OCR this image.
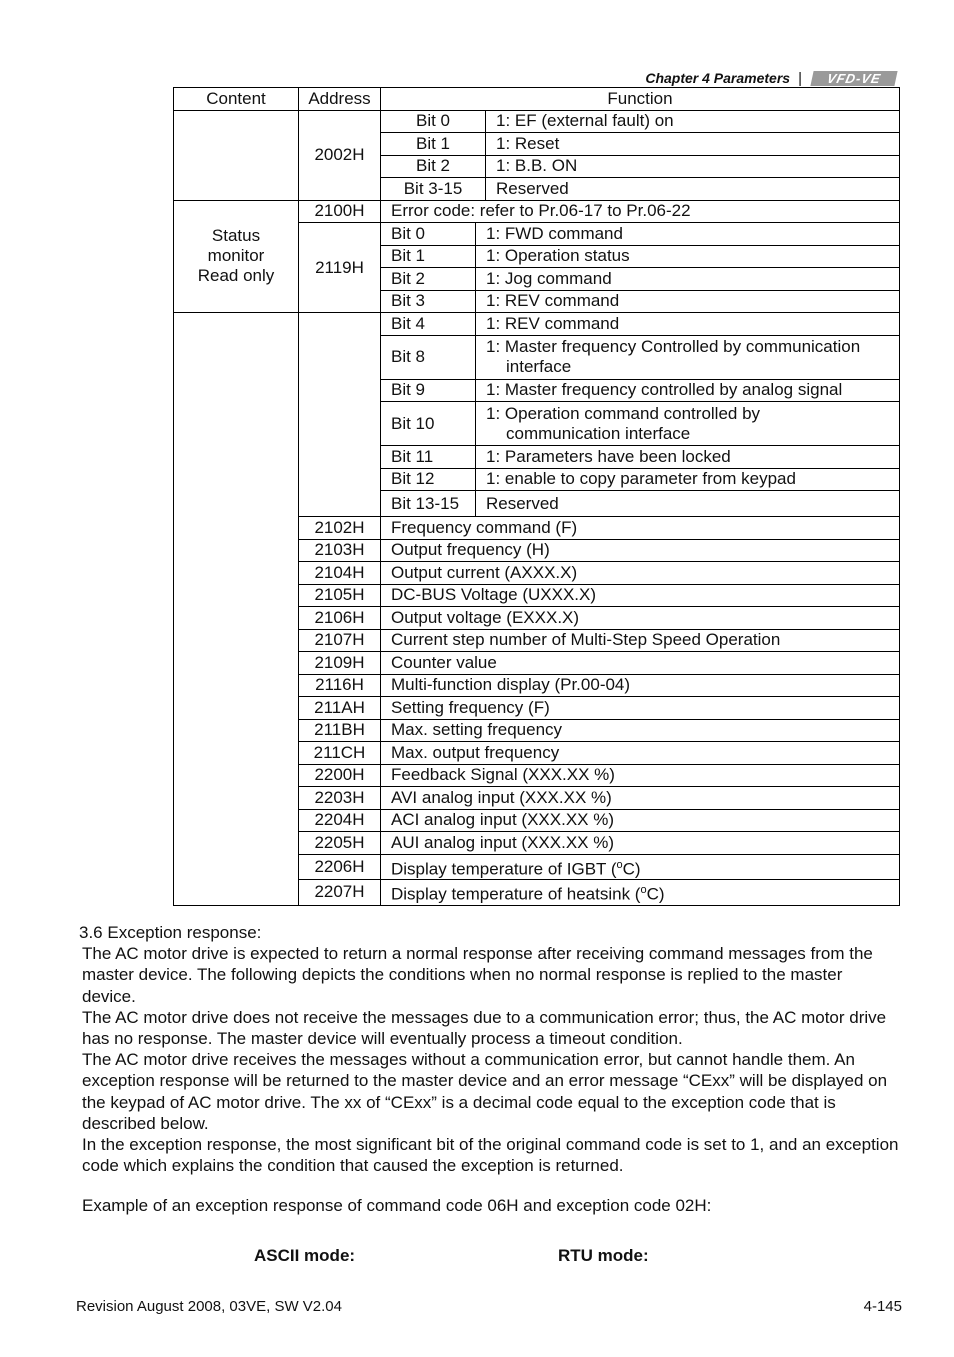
Chapter 4 Parameters |	VFD-VE
Content	Address	Function		
	2002H	Bit 0		1: EF (external fault) on
		Bit 1		1: Reset
		Bit 2		1: B.B. ON
		Bit 3-15		Reserved
Status monitor Read only	2100H	Error code: refer to Pr.06-17 to Pr.06-22		
	2119H	Bit 0	1: FWD command	
		Bit 1	1: Operation status	
		Bit 2	1: Jog command	
		Bit 3	1: REV command	
		Bit 4	1: REV command	
		Bit 8	1: Master frequency Controlled by communication
interface	

		Bit 9	1: Master frequency controlled by analog signal	
		Bit 10	1: Operation command controlled by
communication interface	

		Bit 11	1: Parameters have been locked	
		Bit 12	1: enable to copy parameter from keypad	
		Bit 13-15	Reserved	
	2102H	Frequency command (F)		
	2103H	Output frequency (H)		
	2104H	Output current (AXXX.X)		
	2105H	DC-BUS Voltage (UXXX.X)		
	2106H	Output voltage (EXXX.X)		
	2107H	Current step number of Multi-Step Speed Operation		
	2109H	Counter value		
	2116H	Multi-function display (Pr.00-04)		
	211AH	Setting frequency (F)		
	211BH	Max. setting frequency		
	211CH	Max. output frequency		
	2200H	Feedback Signal (XXX.XX %)		
	2203H	AVI analog input (XXX.XX %)		
	2204H	ACI analog input (XXX.XX %)		
	2205H	AUI analog input (XXX.XX %)		
	2206H	Display temperature of IGBT ($^o$C)		
	2207H	Display temperature of heatsink ($^o$C)		

3.6 Exception response:

The AC motor drive is expected to return a normal response after receiving command messages from the master device. The following depicts the conditions when no normal response is replied to the master device.

The AC motor drive does not receive the messages due to a communication error; thus, the AC motor drive has no response. The master device will eventually process a timeout condition.

The AC motor drive receives the messages without a communication error, but cannot handle them. An exception response will be returned to the master device and an error message “CExx” will be displayed on the keypad of AC motor drive. The xx of “CExx” is a decimal code equal to the exception code that is described below.

In the exception response, the most significant bit of the original command code is set to 1, and an exception code which explains the condition that caused the exception is returned.

Example of an exception response of command code 06H and exception code 02H:

ASCII mode:	RTU mode:
Revision August 2008, 03VE, SW V2.04	4-145
